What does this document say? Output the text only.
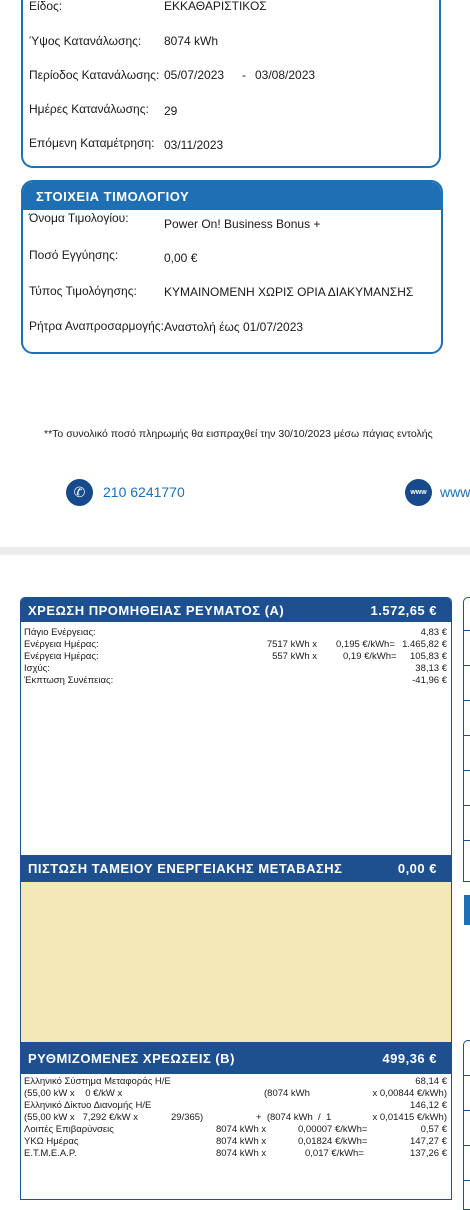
Είδος:	ΕΚΚΑΘΑΡΙΣΤΙΚΟΣ
Ύψος Κατανάλωσης: 8074 kWh
Περίοδος Κατανάλωσης: 05/07/2023 - 03/08/2023
Ημέρες Κατανάλωσης: 29
Επόμενη Καταμέτρηση: 03/11/2023
ΣΤΟΙΧΕΙΑ ΤΙΜΟΛΟΓΙΟΥ
Όνομα Τιμολογίου:	Power On! Business Bonus +
Ποσό Εγγύησης:	0,00 €
Τύπος Τιμολόγησης: ΚΥΜΑΙΝΟΜΕΝΗ ΧΩΡΙΣ ΟΡΙΑ ΔΙΑΚΥΜΑΝΣΗΣ
Ρήτρα Αναπροσαρμογής: Αναστολή έως 01/07/2023
**Το συνολικό ποσό πληρωμής θα εισπραχθεί την 30/10/2023 μέσω πάγιας εντολής
✆	210 6241770	www www
ΧΡΕΩΣΗ ΠΡΟΜΗΘΕΙΑΣ ΡΕΥΜΑΤΟΣ (Α)	1.572,65 €
Πάγιο Ενέργειας:	4,83 €
Ενέργεια Ημέρας:	7517 kWh x 0,195 €/kWh= 1.465,82 €
Ενέργεια Ημέρας:	557 kWh x	0,19 €/kWh= 105,83 €
Ισχύς:	38,13 €
Έκπτωση Συνέπειας:	-41,96 €
ΠΙΣΤΩΣΗ ΤΑΜΕΙΟΥ ΕΝΕΡΓΕΙΑΚΗΣ ΜΕΤΑΒΑΣΗΣ	0,00 €
ΡΥΘΜΙΖΟΜΕΝΕΣ ΧΡΕΩΣΕΙΣ (Β)	499,36 €
Ελληνικό Σύστημα Μεταφοράς Η/Ε	68,14 €
(55,00 kW x    0 €/kW x	(8074 kWh	x 0,00844 €/kWh)
Ελληνικό Δίκτυο Διανομής Η/Ε	146,12 €
(55,00 kW x   7,292 €/kW x	29/365)	+  (8074 kWh  /  1	x 0,01415 €/kWh)
Λοιπές Επιβαρύνσεις	8074 kWh x	0,00007 €/kWh=	0,57 €
ΥΚΩ Ημέρας	8074 kWh x	0,01824 €/kWh=	147,27 €
Ε.Τ.Μ.Ε.Α.Ρ.	8074 kWh x	0,017 €/kWh=	137,26 €
